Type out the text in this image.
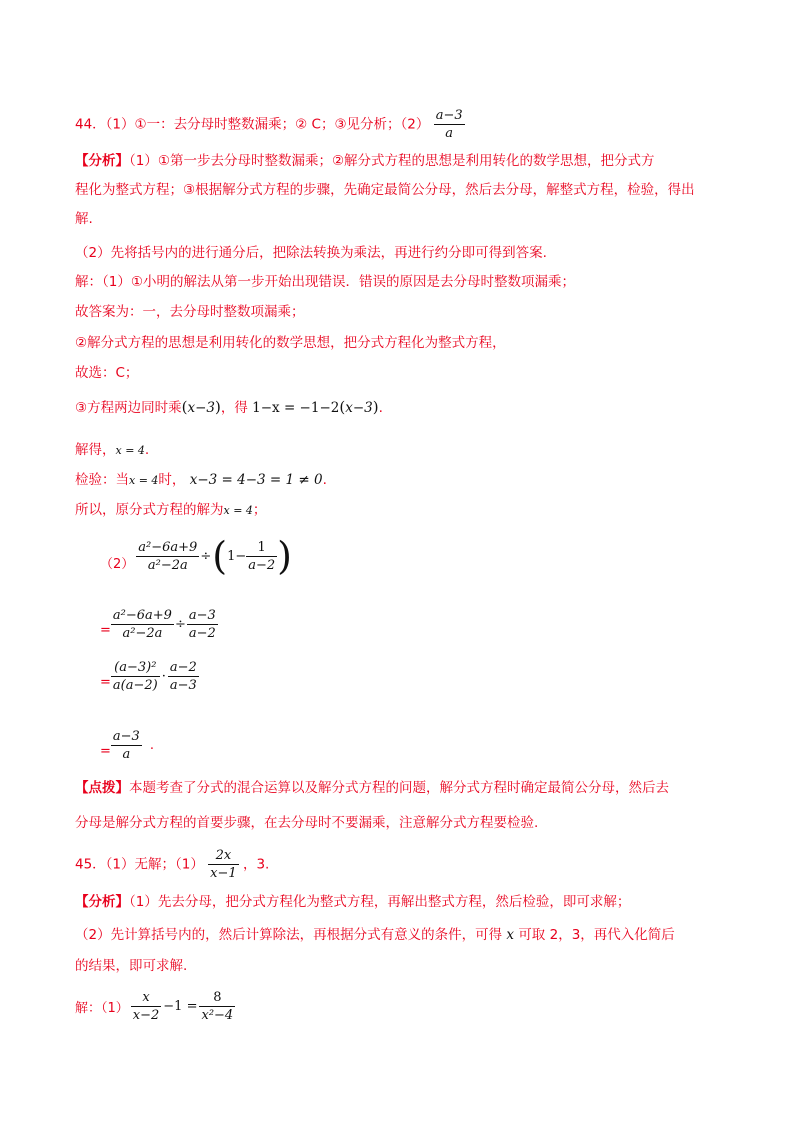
44．（1）①一：去分母时整数漏乘；② C；③见分析；$(2) \frac{a-3}{a}$
【分析】（1）①第一步去分母时整数漏乘；②解分式方程的思想是利用转化的数学思想，把分式方
程化为整式方程；③根据解分式方程的步骤，先确定最简公分母，然后去分母，解整式方程，检验，得出
解.
（2）先将括号内的进行通分后，把除法转换为乘法，再进行约分即可得到答案.
解：（1）①小明的解法从第一步开始出现错误．错误的原因是去分母时整数项漏乘；
故答案为：一，去分母时整数项漏乘；
②解分式方程的思想是利用转化的数学思想，把分式方程化为整式方程，
故选：C；
③方程两边同时乘(x−3)，得 1−x = −1−2(x−3).
解得，x = 4.
检验：当x = 4时， x−3 = 4−3 = 1 ≠ 0.
所以，原分式方程的解为x = 4；
$(2) \frac{\text{a²−6a+9}}{\text{a²−2a}}$ ÷ ( $1- \frac{1}{a-2}$ )
= $\frac{\text{a²−6a+9}}{\text{a²−2a}} \div \frac{a-3}{a-2}$
= $\frac{\text{(a−3)²}}{a(a-2)} \cdot \frac{a-2}{a-3}$
= $\frac{a-3}{a}$ .
【点拨】本题考查了分式的混合运算以及解分式方程的问题，解分式方程时确定最简公分母，然后去
分母是解分式方程的首要步骤，在去分母时不要漏乘，注意解分式方程要检验.
45．（1）无解；$(1) \frac{2x}{x-1}$ ，3.
【分析】（1）先去分母，把分式方程化为整式方程，再解出整式方程，然后检验，即可求解；
（2）先计算括号内的，然后计算除法，再根据分式有意义的条件，可得 x 可取 2，3，再代入化简后
的结果，即可求解.
解：$(1) \frac{x}{x-2} -1 = \frac{8}{\text{x²−4}}$
